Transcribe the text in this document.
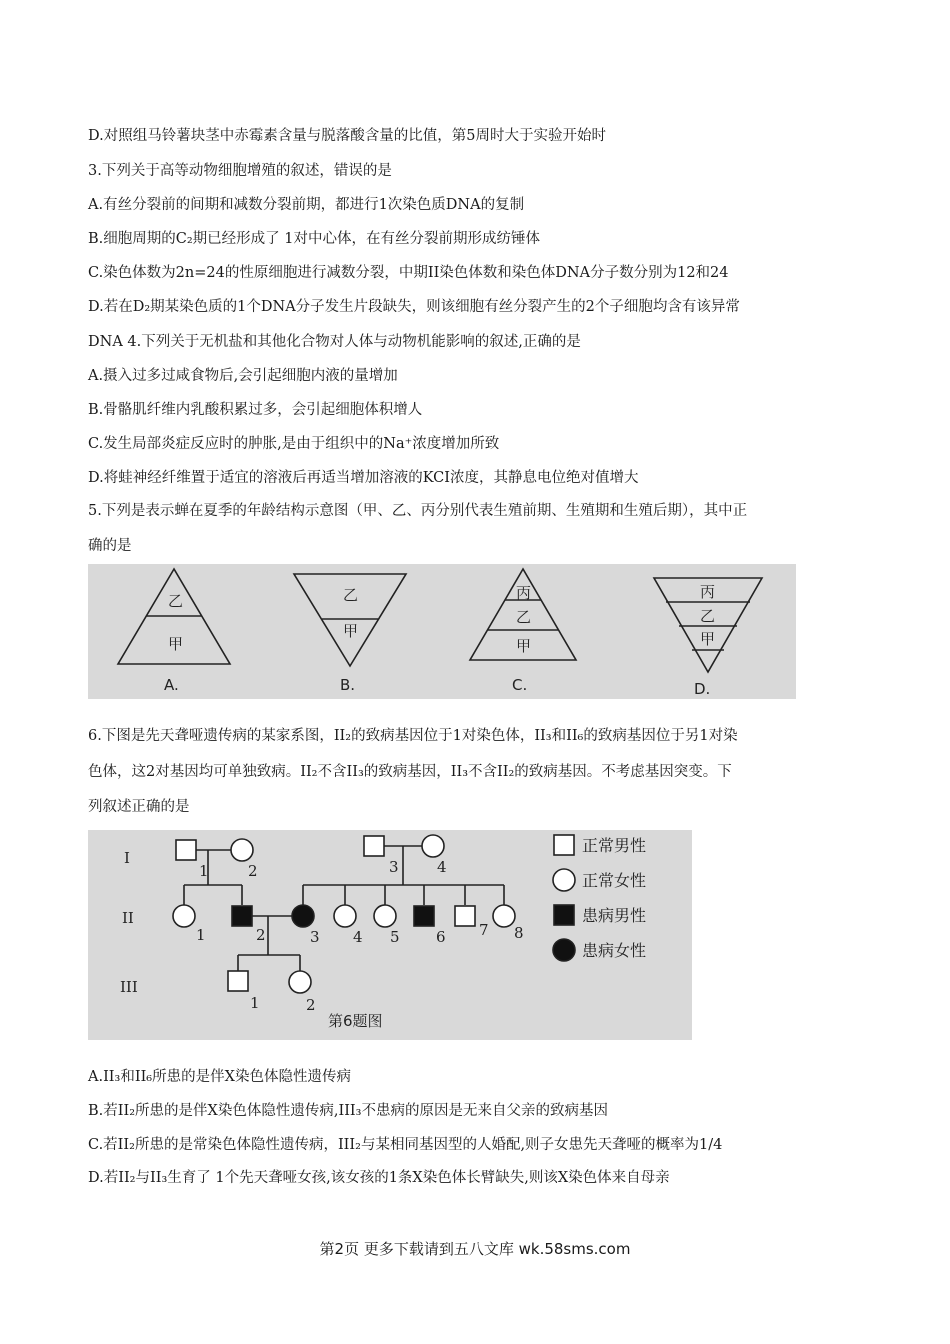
D.对照组马铃薯块茎中赤霉素含量与脱落酸含量的比值，第5周时大于实验开始时
3.下列关于高等动物细胞增殖的叙述，错误的是
A.有丝分裂前的间期和减数分裂前期，都进行1次染色质DNA的复制
B.细胞周期的C₂期已经形成了 1对中心体，在有丝分裂前期形成纺锤体
C.染色体数为2n=24的性原细胞进行减数分裂，中期II染色体数和染色体DNA分子数分别为12和24
D.若在D₂期某染色质的1个DNA分子发生片段缺失，则该细胞有丝分裂产生的2个子细胞均含有该异常
DNA 4.下列关于无机盐和其他化合物对人体与动物机能影响的叙述,正确的是
A.摄入过多过咸食物后,会引起细胞内液的量增加
B.骨骼肌纤维内乳酸积累过多，会引起细胞体积增人
C.发生局部炎症反应时的肿胀,是由于组织中的Na⁺浓度增加所致
D.将蛙神经纤维置于适宜的溶液后再适当增加溶液的KCI浓度，其静息电位绝对值增大
5.下列是表示蝉在夏季的年龄结构示意图（甲、乙、丙分别代表生殖前期、生殖期和生殖后期），其中正
确的是
乙
甲
A.
乙
甲
B.
丙
乙
甲
C.
丙
乙
甲
D.
6.下图是先天聋哑遗传病的某家系图，II₂的致病基因位于1对染色体，II₃和II₆的致病基因位于另1对染
色体，这2对基因均可单独致病。II₂不含II₃的致病基因，II₃不含II₂的致病基因。不考虑基因突变。下
列叙述正确的是
I
II
III
1	2	3	4
1	2	3 4 5 6 7 8
1	2
第6题图
正常男性
正常女性
患病男性
患病女性
A.II₃和II₆所患的是伴X染色体隐性遗传病
B.若II₂所患的是伴X染色体隐性遗传病,III₃不患病的原因是无来自父亲的致病基因
C.若II₂所患的是常染色体隐性遗传病，III₂与某相同基因型的人婚配,则子女患先天聋哑的概率为1/4
D.若II₂与II₃生育了 1个先天聋哑女孩,该女孩的1条X染色体长臂缺失,则该X染色体来自母亲
第2页 更多下载请到五八文库 wk.58sms.com
